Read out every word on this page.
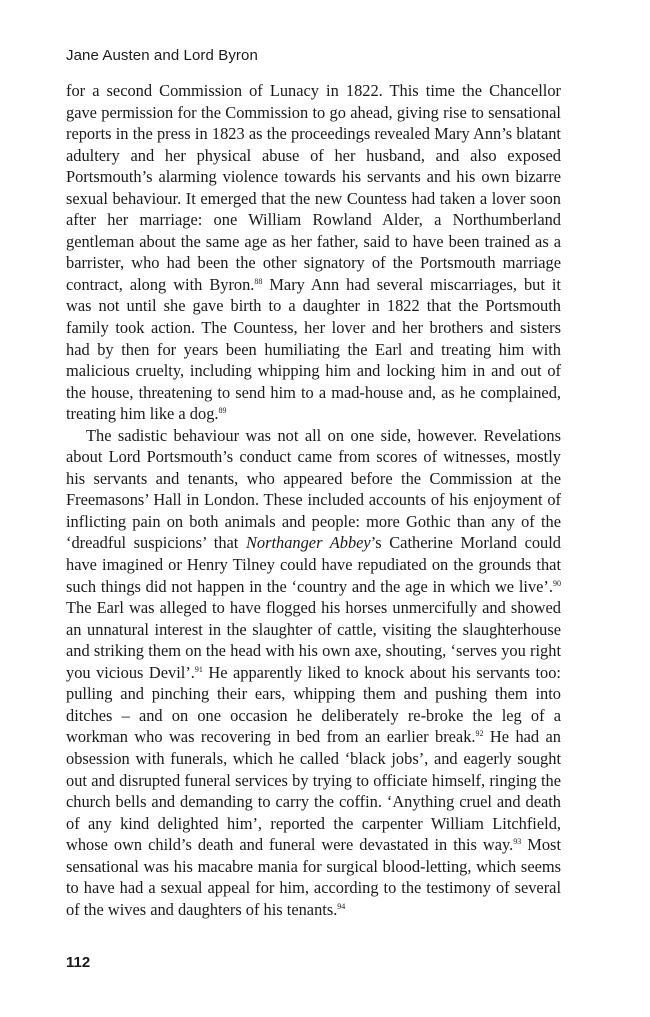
Jane Austen and Lord Byron

for a second Commission of Lunacy in 1822. This time the Chancellor gave permission for the Commission to go ahead, giving rise to sensational reports in the press in 1823 as the proceedings revealed Mary Ann’s blatant adultery and her physical abuse of her husband, and also exposed Portsmouth’s alarming violence towards his servants and his own bizarre sexual behaviour. It emerged that the new Countess had taken a lover soon after her marriage: one William Rowland Alder, a Northumberland gentleman about the same age as her father, said to have been trained as a barrister, who had been the other signatory of the Portsmouth marriage contract, along with Byron.$^{88}$ Mary Ann had several miscarriages, but it was not until she gave birth to a daughter in 1822 that the Portsmouth family took action. The Countess, her lover and her brothers and sisters had by then for years been humiliating the Earl and treating him with malicious cruelty, including whipping him and locking him in and out of the house, threatening to send him to a mad-house and, as he complained, treating him like a dog.$^{89}$

The sadistic behaviour was not all on one side, however. Revelations about Lord Portsmouth’s conduct came from scores of witnesses, mostly his servants and tenants, who appeared before the Commission at the Freemasons’ Hall in London. These included accounts of his enjoyment of inflicting pain on both animals and people: more Gothic than any of the ‘dreadful suspicions’ that Northanger Abbey’s Catherine Morland could have imagined or Henry Tilney could have repudiated on the grounds that such things did not happen in the ‘country and the age in which we live’.$^{90}$ The Earl was alleged to have flogged his horses unmercifully and showed an unnatural interest in the slaughter of cattle, visiting the slaughterhouse and striking them on the head with his own axe, shouting, ‘serves you right you vicious Devil’.$^{91}$ He apparently liked to knock about his servants too: pulling and pinching their ears, whipping them and pushing them into ditches – and on one occasion he deliberately re-broke the leg of a workman who was recovering in bed from an earlier break.$^{92}$ He had an obsession with funerals, which he called ‘black jobs’, and eagerly sought out and disrupted funeral services by trying to officiate himself, ringing the church bells and demanding to carry the coffin. ‘Anything cruel and death of any kind delighted him’, reported the carpenter William Litchfield, whose own child’s death and funeral were devastated in this way.$^{93}$ Most sensational was his macabre mania for surgical blood-letting, which seems to have had a sexual appeal for him, according to the testimony of several of the wives and daughters of his tenants.$^{94}$

112
